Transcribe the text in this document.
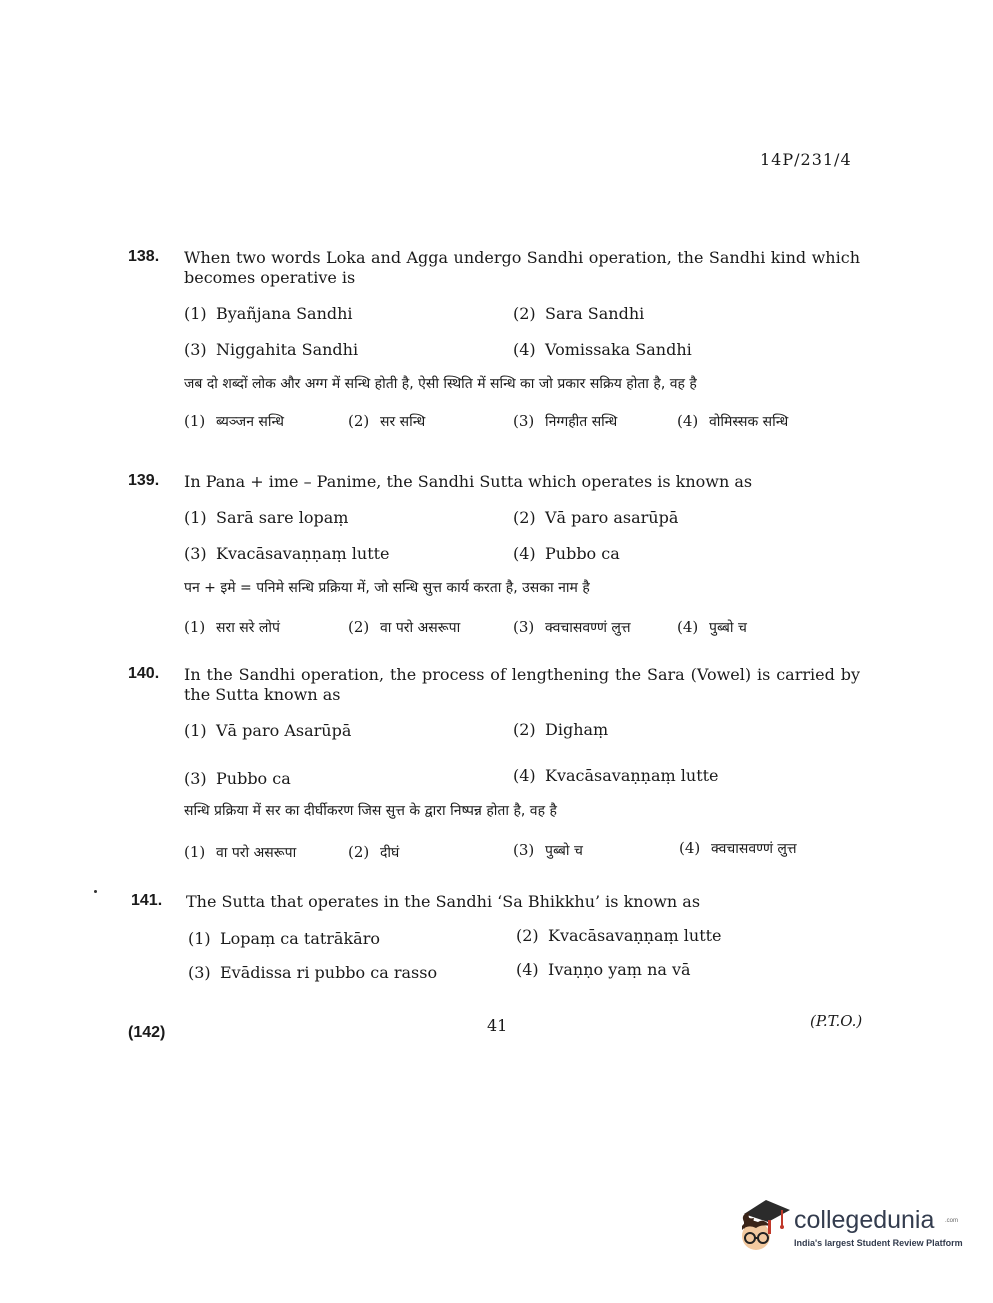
14P/231/4
138. When two words Loka and Agga undergo Sandhi operation, the Sandhi kind which becomes operative is
(1) Byañjana Sandhi	(2) Sara Sandhi
(3) Niggahita Sandhi	(4) Vomissaka Sandhi
जब दो शब्दों लोक और अग्ग में सन्धि होती है, ऐसी स्थिति में सन्धि का जो प्रकार सक्रिय होता है, वह है
(1) ब्यञ्जन सन्धि	(2) सर सन्धि	(3) निग्गहीत सन्धि	(4) वोमिस्सक सन्धि
139. In Pana + ime – Panime, the Sandhi Sutta which operates is known as
(1) Sarā sare lopaṃ	(2) Vā paro asarūpā
(3) Kvacāsavaṇṇaṃ lutte	(4) Pubbo ca
पन + इमे = पनिमे सन्धि प्रक्रिया में, जो सन्धि सुत्त कार्य करता है, उसका नाम है
(1) सरा सरे लोपं	(2) वा परो असरूपा	(3) क्वचासवण्णं लुत्त	(4) पुब्बो च
140. In the Sandhi operation, the process of lengthening the Sara (Vowel) is carried by the Sutta known as
(1) Vā paro Asarūpā	(2) Dighaṃ
(3) Pubbo ca	(4) Kvacāsavaṇṇaṃ lutte
सन्धि प्रक्रिया में सर का दीर्घीकरण जिस सुत्त के द्वारा निष्पन्न होता है, वह है
(1) वा परो असरूपा	(2) दीघं	(3) पुब्बो च	(4) क्वचासवण्णं लुत्त
141. The Sutta that operates in the Sandhi ‘Sa Bhikkhu’ is known as
(1) Lopaṃ ca tatrākāro	(2) Kvacāsavaṇṇaṃ lutte
(3) Evādissa ri pubbo ca rasso	(4) Ivaṇṇo yaṃ na vā
(142)	41	(P.T.O.)
collegedunia .com
India's largest Student Review Platform
